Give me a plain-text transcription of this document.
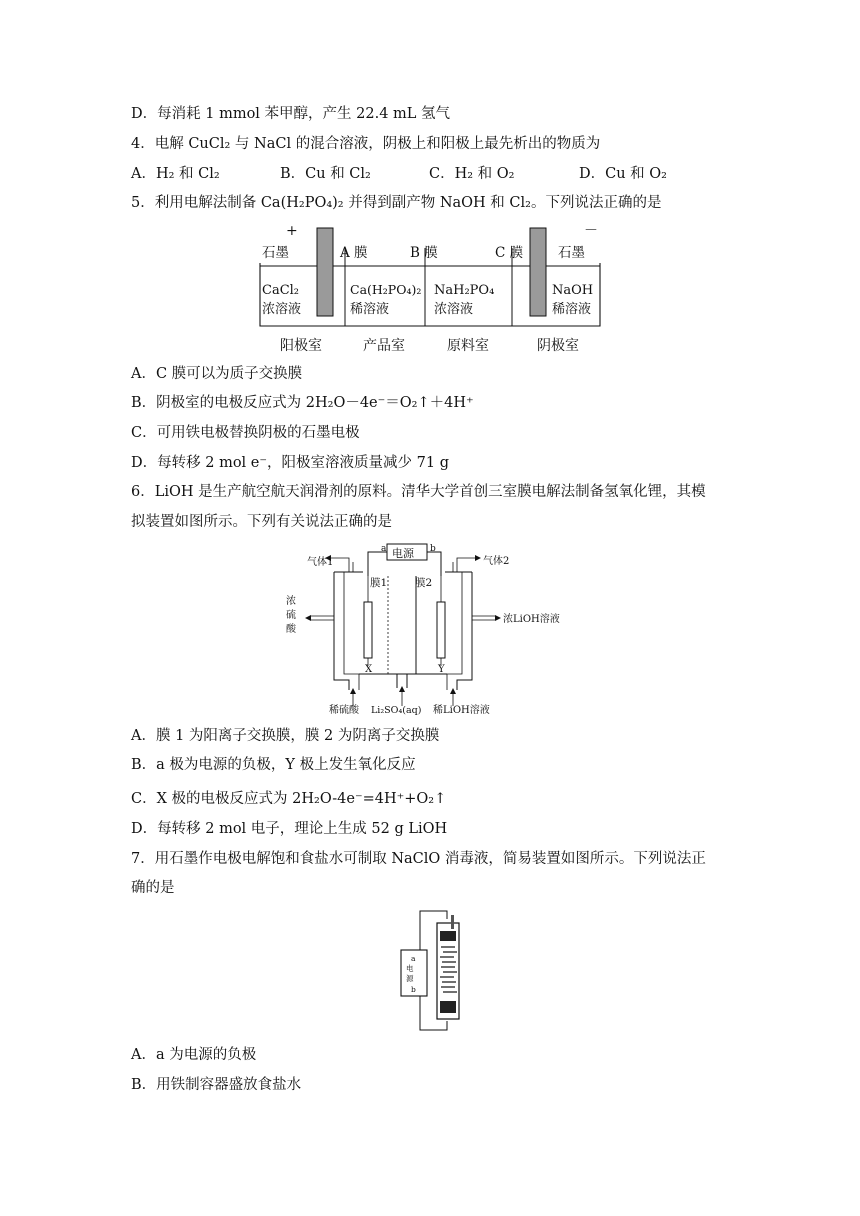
D．每消耗 1 mmol 苯甲醇，产生 22.4 mL 氢气
4．电解 CuCl₂ 与 NaCl 的混合溶液，阴极上和阳极上最先析出的物质为
A．H₂ 和 Cl₂	B．Cu 和 Cl₂	C．H₂ 和 O₂	D．Cu 和 O₂
5．利用电解法制备 Ca(H₂PO₄)₂ 并得到副产物 NaOH 和 Cl₂。下列说法正确的是
+	－
石墨	A 膜	B 膜	C 膜	石墨
CaCl₂
浓溶液
Ca(H₂PO₄)₂
稀溶液
NaH₂PO₄
浓溶液
NaOH
稀溶液
阳极室	产品室	原料室	阴极室
A．C 膜可以为质子交换膜
B．阴极室的电极反应式为 2H₂O－4e⁻＝O₂↑＋4H⁺
C．可用铁电极替换阴极的石墨电极
D．每转移 2 mol e⁻，阳极室溶液质量减少 71 g
6．LiOH 是生产航空航天润滑剂的原料。清华大学首创三室膜电解法制备氢氧化锂，其模
拟装置如图所示。下列有关说法正确的是
电源
a	b
膜1	膜2
X	Y
气体1	气体2
浓
硫
酸
浓LiOH溶液
稀硫酸 Li₂SO₄(aq) 稀LiOH溶液
A．膜 1 为阳离子交换膜，膜 2 为阴离子交换膜
B．a 极为电源的负极，Y 极上发生氧化反应
C．X 极的电极反应式为 2H₂O-4e⁻=4H⁺+O₂↑
D．每转移 2 mol 电子，理论上生成 52 g LiOH
7．用石墨作电极电解饱和食盐水可制取 NaClO 消毒液，简易装置如图所示。下列说法正
确的是
a
电
源
b
A．a 为电源的负极
B．用铁制容器盛放食盐水
